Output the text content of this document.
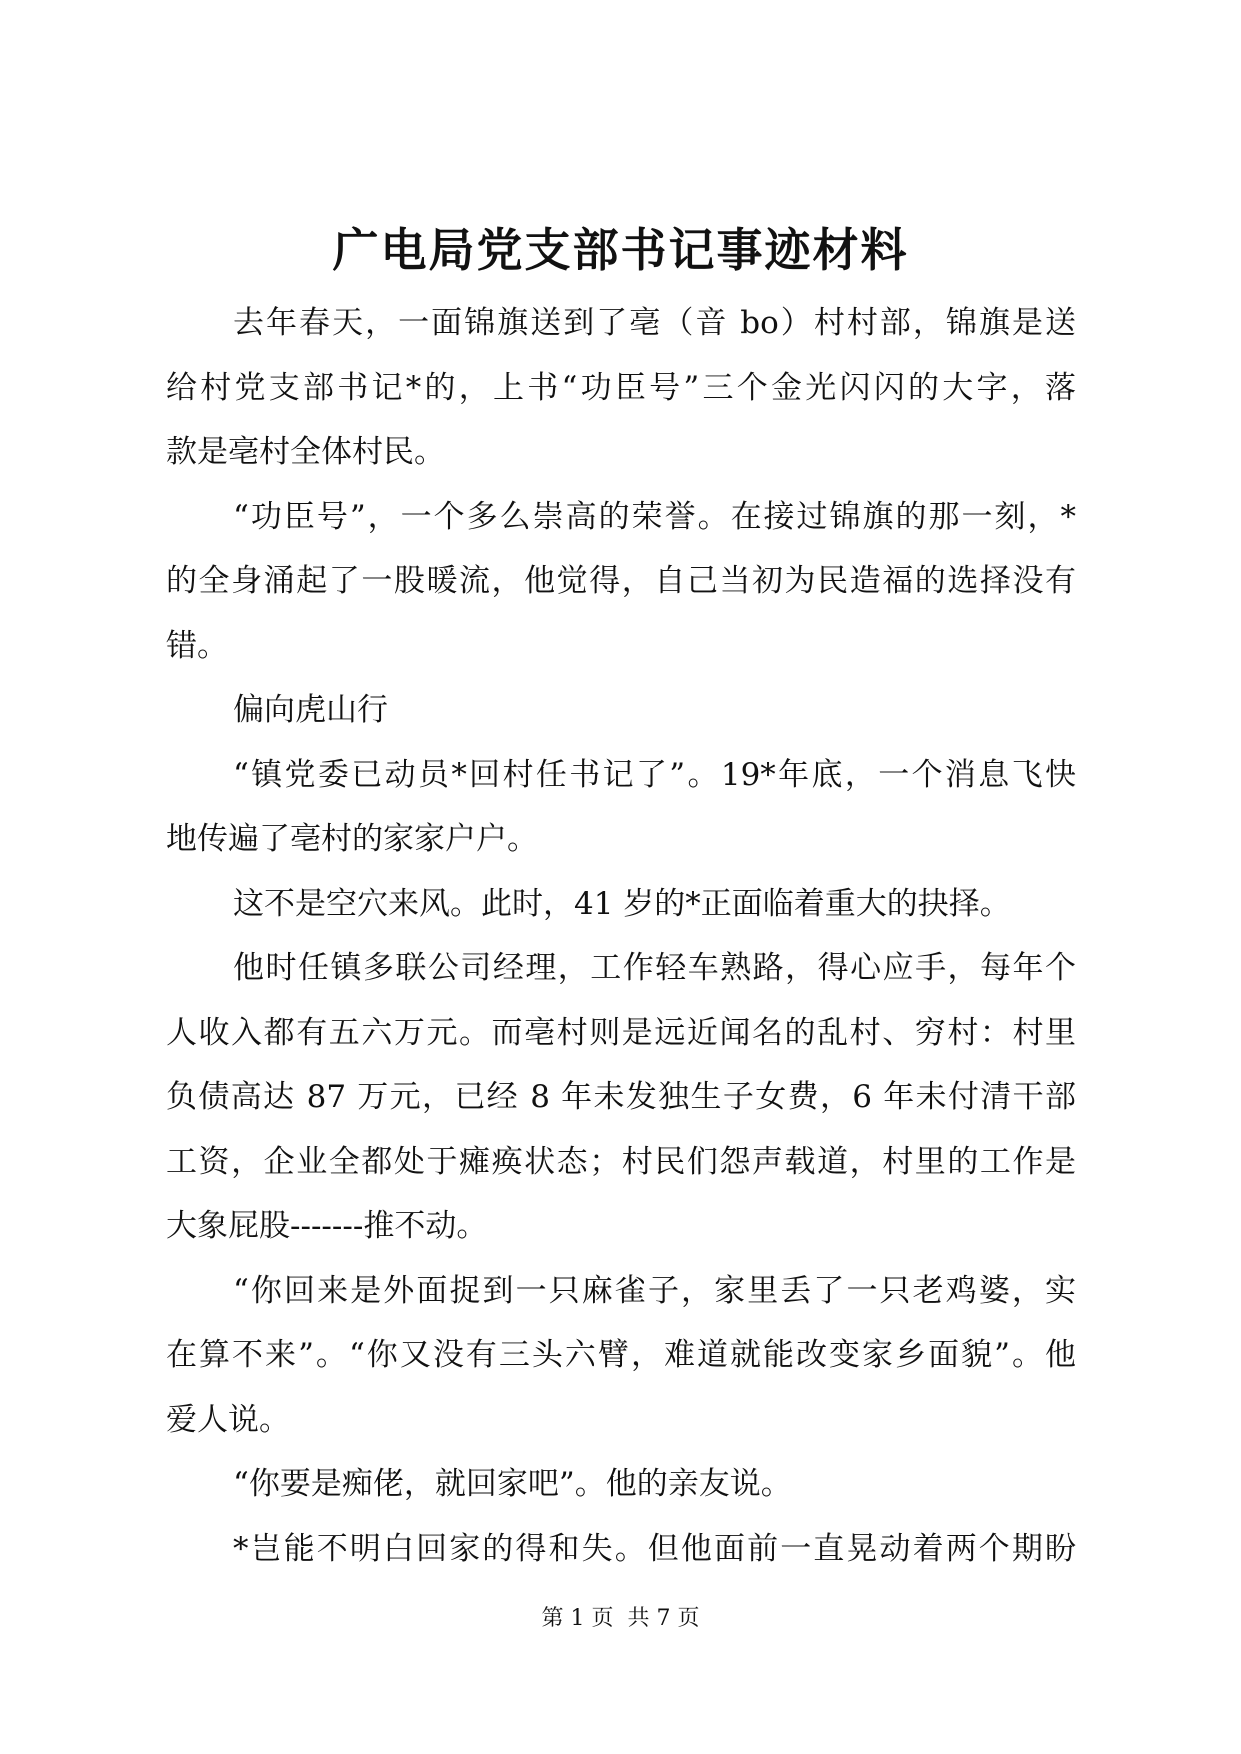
广电局党支部书记事迹材料
去年春天，一面锦旗送到了亳（音 bo）村村部，锦旗是送
给村党支部书记*的，上书“功臣号”三个金光闪闪的大字，落
款是亳村全体村民。
“功臣号”，一个多么崇高的荣誉。在接过锦旗的那一刻，*
的全身涌起了一股暖流，他觉得，自己当初为民造福的选择没有
错。
偏向虎山行
“镇党委已动员*回村任书记了”。19*年底，一个消息飞快
地传遍了亳村的家家户户。
这不是空穴来风。此时，41 岁的*正面临着重大的抉择。
他时任镇多联公司经理，工作轻车熟路，得心应手，每年个
人收入都有五六万元。而亳村则是远近闻名的乱村、穷村：村里
负债高达 87 万元，已经 8 年未发独生子女费，6 年未付清干部
工资，企业全都处于瘫痪状态；村民们怨声载道，村里的工作是
大象屁股-------推不动。
“你回来是外面捉到一只麻雀子，家里丢了一只老鸡婆，实
在算不来”。“你又没有三头六臂，难道就能改变家乡面貌”。他
爱人说。
“你要是痴佬，就回家吧”。他的亲友说。
*岂能不明白回家的得和失。但他面前一直晃动着两个期盼
第 1 页 共 7 页
